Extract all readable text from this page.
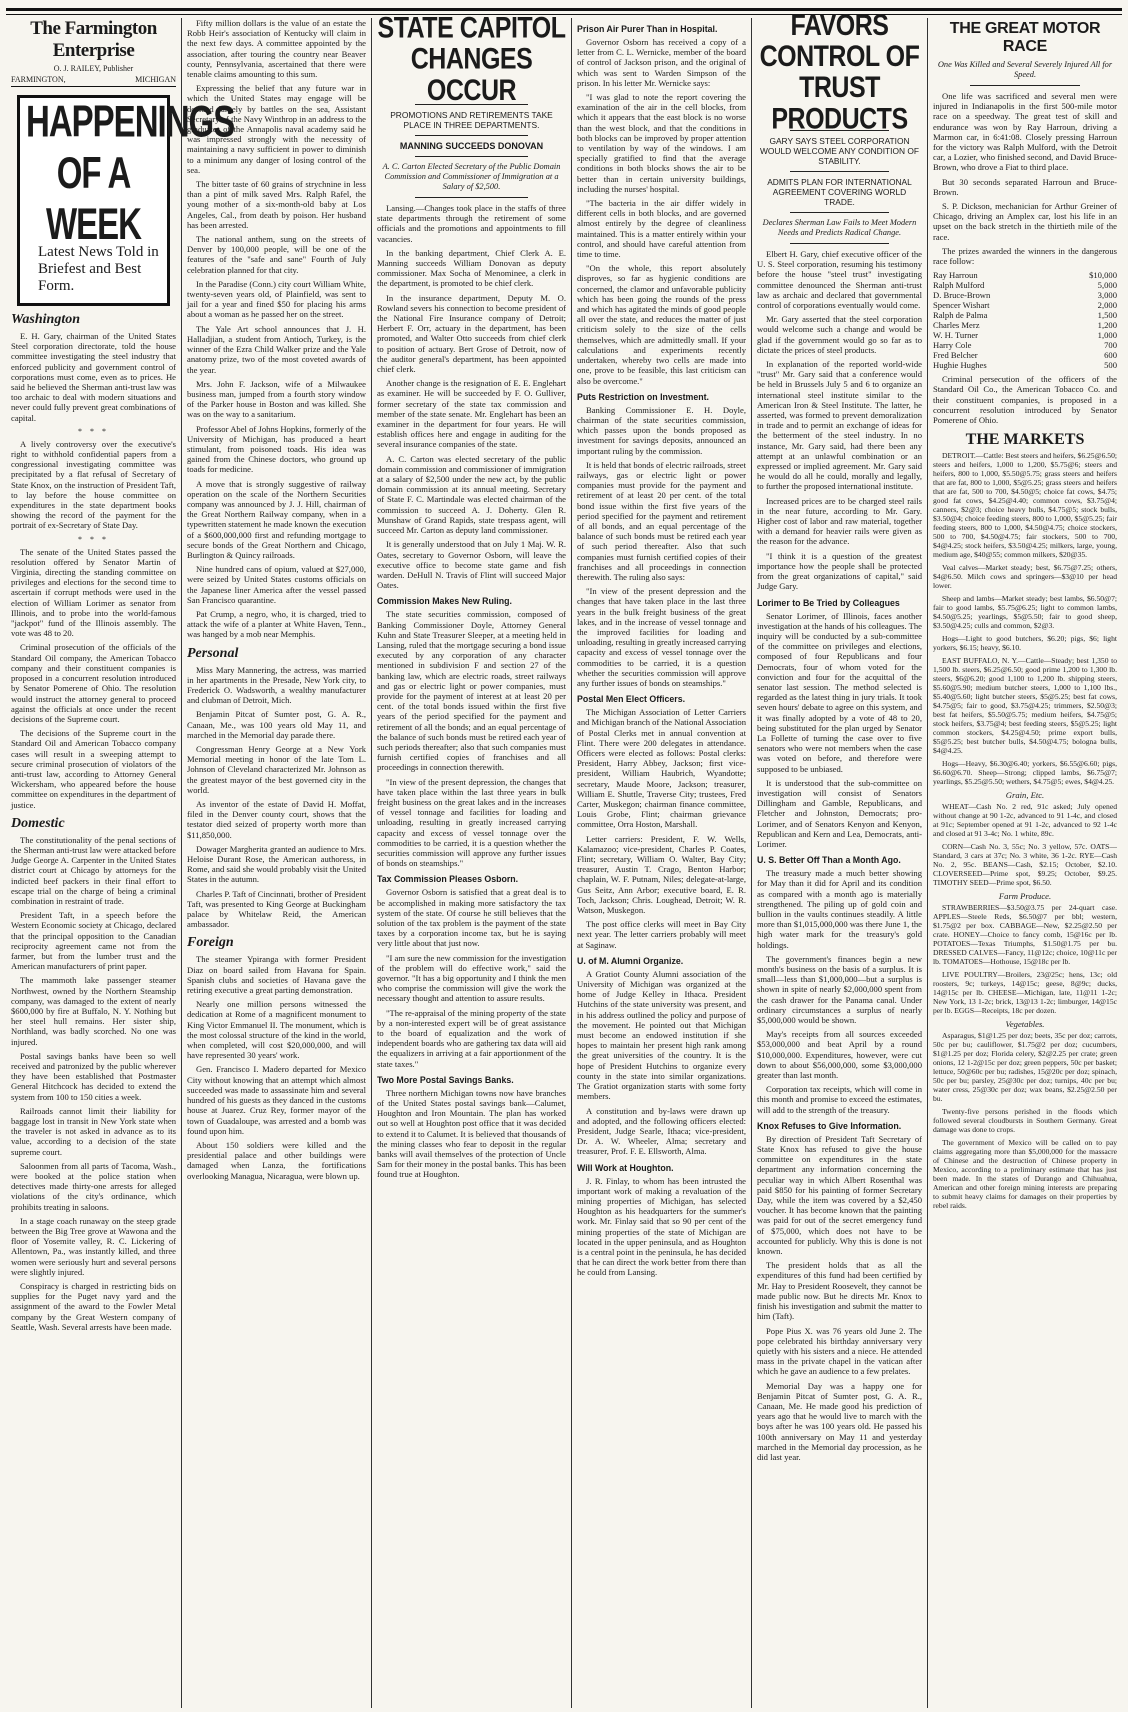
The Farmington Enterprise
O. J. RAILEY, Publisher
FARMINGTON,	MICHIGAN
HAPPENINGS OF A WEEK
Latest News Told in Briefest and Best Form.
Washington

E. H. Gary, chairman of the United States Steel corporation directorate, told the house committee investigating the steel industry that enforced publicity and government control of corporations must come, even as to prices. He said he believed the Sherman anti-trust law was too archaic to deal with modern situations and never could fully prevent great combinations of capital.

* * *

A lively controversy over the executive's right to withhold confidential papers from a congressional investigating committee was precipitated by a flat refusal of Secretary of State Knox, on the instruction of President Taft, to lay before the house committee on expenditures in the state department books showing the record of the payment for the portrait of ex-Secretary of State Day.

* * *

The senate of the United States passed the resolution offered by Senator Martin of Virginia, directing the standing committee on privileges and elections for the second time to ascertain if corrupt methods were used in the election of William Lorimer as senator from Illinois, and to probe into the world-famous "jackpot" fund of the Illinois assembly. The vote was 48 to 20.

Criminal prosecution of the officials of the Standard Oil company, the American Tobacco company and their constituent companies is proposed in a concurrent resolution introduced by Senator Pomerene of Ohio. The resolution would instruct the attorney general to proceed against the officials at once under the recent decisions of the Supreme court.

The decisions of the Supreme court in the Standard Oil and American Tobacco company cases will result in a sweeping attempt to secure criminal prosecution of violators of the anti-trust law, according to Attorney General Wickersham, who appeared before the house committee on expenditures in the department of justice.

Domestic

The constitutionality of the penal sections of the Sherman anti-trust law were attacked before Judge George A. Carpenter in the United States district court at Chicago by attorneys for the indicted beef packers in their final effort to escape trial on the charge of being a criminal combination in restraint of trade.

President Taft, in a speech before the Western Economic society at Chicago, declared that the principal opposition to the Canadian reciprocity agreement came not from the farmer, but from the lumber trust and the American manufacturers of print paper.

The mammoth lake passenger steamer Northwest, owned by the Northern Steamship company, was damaged to the extent of nearly $600,000 by fire at Buffalo, N. Y. Nothing but her steel hull remains. Her sister ship, Northland, was badly scorched. No one was injured.

Postal savings banks have been so well received and patronized by the public wherever they have been established that Postmaster General Hitchcock has decided to extend the system from 100 to 150 cities a week.

Railroads cannot limit their liability for baggage lost in transit in New York state when the traveler is not asked in advance as to its value, according to a decision of the state supreme court.

Saloonmen from all parts of Tacoma, Wash., were booked at the police station when detectives made thirty-one arrests for alleged violations of the city's ordinance, which prohibits treating in saloons.

In a stage coach runaway on the steep grade between the Big Tree grove at Wawona and the floor of Yosemite valley, R. C. Lickering of Allentown, Pa., was instantly killed, and three women were seriously hurt and several persons were slightly injured.

Conspiracy is charged in restricting bids on supplies for the Puget navy yard and the assignment of the award to the Fowler Metal company by the Great Western company of Seattle, Wash. Several arrests have been made.

Fifty million dollars is the value of an estate the Robb Heir's association of Kentucky will claim in the next few days. A committee appointed by the association, after touring the country near Beaver county, Pennsylvania, ascertained that there were tenable claims amounting to this sum.

Expressing the belief that any future war in which the United States may engage will be decided largely by battles on the sea, Assistant Secretary of the Navy Winthrop in an address to the graduates of the Annapolis naval academy said he was impressed strongly with the necessity of maintaining a navy sufficient in power to diminish to a minimum any danger of losing control of the sea.

The bitter taste of 60 grains of strychnine in less than a pint of milk saved Mrs. Ralph Rafel, the young mother of a six-month-old baby at Los Angeles, Cal., from death by poison. Her husband has been arrested.

The national anthem, sung on the streets of Denver by 100,000 people, will be one of the features of the "safe and sane" Fourth of July celebration planned for that city.

In the Paradise (Conn.) city court William White, twenty-seven years old, of Plainfield, was sent to jail for a year and fined $50 for placing his arms about a woman as he passed her on the street.

The Yale Art school announces that J. H. Halladjian, a student from Antioch, Turkey, is the winner of the Ezra Child Walker prize and the Yale anatomy prize, two of the most coveted awards of the year.

Mrs. John F. Jackson, wife of a Milwaukee business man, jumped from a fourth story window of the Parker house in Boston and was killed. She was on the way to a sanitarium.

Professor Abel of Johns Hopkins, formerly of the University of Michigan, has produced a heart stimulant, from poisoned toads. His idea was gained from the Chinese doctors, who ground up toads for medicine.

A move that is strongly suggestive of railway operation on the scale of the Northern Securities company was announced by J. J. Hill, chairman of the Great Northern Railway company, when in a typewritten statement he made known the execution of a $600,000,000 first and refunding mortgage to secure bonds of the Great Northern and Chicago, Burlington & Quincy railroads.

Nine hundred cans of opium, valued at $27,000, were seized by United States customs officials on the Japanese liner America after the vessel passed San Francisco quarantine.

Pat Crump, a negro, who, it is charged, tried to attack the wife of a planter at White Haven, Tenn., was hanged by a mob near Memphis.

Personal

Miss Mary Mannering, the actress, was married in her apartments in the Presade, New York city, to Frederick O. Wadsworth, a wealthy manufacturer and clubman of Detroit, Mich.

Benjamin Pitcat of Sumter post, G. A. R., Canaan, Me., was 100 years old May 11, and marched in the Memorial day parade there.

Congressman Henry George at a New York Memorial meeting in honor of the late Tom L. Johnson of Cleveland characterized Mr. Johnson as the greatest mayor of the best governed city in the world.

As inventor of the estate of David H. Moffat, filed in the Denver county court, shows that the testator died seized of property worth more than $11,850,000.

Dowager Margherita granted an audience to Mrs. Heloise Durant Rose, the American authoress, in Rome, and said she would probably visit the United States in the autumn.

Charles P. Taft of Cincinnati, brother of President Taft, was presented to King George at Buckingham palace by Whitelaw Reid, the American ambassador.

Foreign

The steamer Ypiranga with former President Diaz on board sailed from Havana for Spain. Spanish clubs and societies of Havana gave the retiring executive a great parting demonstration.

Nearly one million persons witnessed the dedication at Rome of a magnificent monument to King Victor Emmanuel II. The monument, which is the most colossal structure of the kind in the world, when completed, will cost $20,000,000, and will have represented 30 years' work.

Gen. Francisco I. Madero departed for Mexico City without knowing that an attempt which almost succeeded was made to assassinate him and several hundred of his guests as they danced in the customs house at Juarez. Cruz Rey, former mayor of the town of Guadaloupe, was arrested and a bomb was found upon him.

About 150 soldiers were killed and the presidential palace and other buildings were damaged when Lanza, the fortifications overlooking Managua, Nicaragua, were blown up.

STATE CAPITOL CHANGES OCCUR
PROMOTIONS AND RETIREMENTS TAKE PLACE IN THREE DEPARTMENTS.
MANNING SUCCEEDS DONOVAN
A. C. Carton Elected Secretary of the Public Domain Commission and Commissioner of Immigration at a Salary of $2,500.

Lansing.—Changes took place in the staffs of three state departments through the retirement of some officials and the promotions and appointments to fill vacancies.

In the banking department, Chief Clerk A. E. Manning succeeds William Donovan as deputy commissioner. Max Socha of Menominee, a clerk in the department, is promoted to be chief clerk.

In the insurance department, Deputy M. O. Rowland severs his connection to become president of the National Fire Insurance company of Detroit; Herbert F. Orr, actuary in the department, has been promoted, and Walter Otto succeeds from chief clerk to position of actuary. Bert Grose of Detroit, now of the auditor general's department, has been appointed chief clerk.

Another change is the resignation of E. E. Englehart as examiner. He will be succeeded by F. O. Gulliver, former secretary of the state tax commission and member of the state senate. Mr. Englehart has been an examiner in the department for four years. He will establish offices here and engage in auditing for the several insurance companies of the state.

A. C. Carton was elected secretary of the public domain commission and commissioner of immigration at a salary of $2,500 under the new act, by the public domain commission at its annual meeting. Secretary of State F. C. Martindale was elected chairman of the commission to succeed A. J. Doherty. Glen R. Munshaw of Grand Rapids, state trespass agent, will succeed Mr. Carton as deputy land commissioner.

It is generally understood that on July 1 Maj. W. R. Oates, secretary to Governor Osborn, will leave the executive office to become state game and fish warden. DeHull N. Travis of Flint will succeed Major Oates.

Commission Makes New Ruling.

The state securities commission, composed of Banking Commissioner Doyle, Attorney General Kuhn and State Treasurer Sleeper, at a meeting held in Lansing, ruled that the mortgage securing a bond issue executed by any corporation of any character mentioned in subdivision F and section 27 of the banking law, which are electric roads, street railways and gas or electric light or power companies, must provide for the payment of interest at at least 20 per cent. of the total bonds issued within the first five years of the period specified for the payment and retirement of all the bonds; and an equal percentage of the balance of such bonds must be retired each year of such periods thereafter; also that such companies must furnish certified copies of franchises and all proceedings in connection therewith.

"In view of the present depression, the changes that have taken place within the last three years in bulk freight business on the great lakes and in the increases of vessel tonnage and facilities for loading and unloading, resulting in greatly increased carrying capacity and excess of vessel tonnage over the commodities to be carried, it is a question whether the securities commission will approve any further issues of bonds on steamships."

Tax Commission Pleases Osborn.

Governor Osborn is satisfied that a great deal is to be accomplished in making more satisfactory the tax system of the state. Of course he still believes that the solution of the tax problem is the payment of the state taxes by a corporation income tax, but he is saying very little about that just now.

"I am sure the new commission for the investigation of the problem will do effective work," said the governor. "It has a big opportunity and I think the men who comprise the commission will give the work the necessary thought and attention to assure results.

"The re-appraisal of the mining property of the state by a non-interested expert will be of great assistance to the board of equalization and the work of independent boards who are gathering tax data will aid the equalizers in arriving at a fair apportionment of the state taxes."

Two More Postal Savings Banks.

Three northern Michigan towns now have branches of the United States postal savings bank—Calumet, Houghton and Iron Mountain. The plan has worked out so well at Houghton post office that it was decided to extend it to Calumet. It is believed that thousands of the mining classes who fear to deposit in the regular banks will avail themselves of the protection of Uncle Sam for their money in the postal banks. This has been found true at Houghton.

Prison Air Purer Than in Hospital.

Governor Osborn has received a copy of a letter from C. L. Wernicke, member of the board of control of Jackson prison, and the original of which was sent to Warden Simpson of the prison. In his letter Mr. Wernicke says:

"I was glad to note the report covering the examination of the air in the cell blocks, from which it appears that the east block is no worse than the west block, and that the conditions in both blocks can be improved by proper attention to ventilation by way of the windows. I am specially gratified to find that the average conditions in both blocks shows the air to be better than in certain university buildings, including the nurses' hospital.

"The bacteria in the air differ widely in different cells in both blocks, and are governed almost entirely by the degree of cleanliness maintained. This is a matter entirely within your control, and should have careful attention from time to time.

"On the whole, this report absolutely disproves, so far as hygienic conditions are concerned, the clamor and unfavorable publicity which has been going the rounds of the press and which has agitated the minds of good people all over the state, and reduces the matter of just criticism solely to the size of the cells themselves, which are admittedly small. If your calculations and experiments recently undertaken, whereby two cells are made into one, prove to be feasible, this last criticism can also be overcome."

Puts Restriction on Investment.

Banking Commissioner E. H. Doyle, chairman of the state securities commission, which passes upon the bonds proposed as investment for savings deposits, announced an important ruling by the commission.

It is held that bonds of electric railroads, street railways, gas or electric light or power companies must provide for the payment and retirement of at least 20 per cent. of the total bond issue within the first five years of the period specified for the payment and retirement of all bonds, and an equal percentage of the balance of such bonds must be retired each year of such period thereafter. Also that such companies must furnish certified copies of their franchises and all proceedings in connection therewith. The ruling also says:

"In view of the present depression and the changes that have taken place in the last three years in the bulk freight business of the great lakes, and in the increase of vessel tonnage and the improved facilities for loading and unloading, resulting in greatly increased carrying capacity and excess of vessel tonnage over the commodities to be carried, it is a question whether the securities commission will approve any further issues of bonds on steamships."

Postal Men Elect Officers.

The Michigan Association of Letter Carriers and Michigan branch of the National Association of Postal Clerks met in annual convention at Flint. There were 200 delegates in attendance. Officers were elected as follows: Postal clerks: President, Harry Abbey, Jackson; first vice-president, William Haubrich, Wyandotte; secretary, Maude Moore, Jackson; treasurer, William E. Shuttle, Traverse City; trustees, Fred Carter, Muskegon; chairman finance committee, Louis Grobe, Flint; chairman grievance committee, Orra Hoston, Marshall.

Letter carriers: President, F. W. Wells, Kalamazoo; vice-president, Charles P. Coates, Flint; secretary, William O. Walter, Bay City; treasurer, Austin T. Crago, Benton Harbor; chaplain, W. F. Putnam, Niles; delegate-at-large, Gus Seitz, Ann Arbor; executive board, E. R. Toch, Jackson; Chris. Loughead, Detroit; W. R. Watson, Muskegon.

The post office clerks will meet in Bay City next year. The letter carriers probably will meet at Saginaw.

U. of M. Alumni Organize.

A Gratiot County Alumni association of the University of Michigan was organized at the home of Judge Kelley in Ithaca. President Hutchins of the state university was present, and in his address outlined the policy and purpose of the movement. He pointed out that Michigan must become an endowed institution if she hopes to maintain her present high rank among the great universities of the country. It is the hope of President Hutchins to organize every county in the state into similar organizations. The Gratiot organization starts with some forty members.

A constitution and by-laws were drawn up and adopted, and the following officers elected: President, Judge Searle, Ithaca; vice-president, Dr. A. W. Wheeler, Alma; secretary and treasurer, Prof. F. E. Ellsworth, Alma.

Will Work at Houghton.

J. R. Finlay, to whom has been intrusted the important work of making a revaluation of the mining properties of Michigan, has selected Houghton as his headquarters for the summer's work. Mr. Finlay said that so 90 per cent of the mining properties of the state of Michigan are located in the upper peninsula, and as Houghton is a central point in the peninsula, he has decided that he can direct the work better from there than he could from Lansing.

FAVORS CONTROL OF TRUST PRODUCTS
GARY SAYS STEEL CORPORATION WOULD WELCOME ANY CONDITION OF STABILITY.
ADMITS PLAN FOR INTERNATIONAL AGREEMENT COVERING WORLD TRADE.
Declares Sherman Law Fails to Meet Modern Needs and Predicts Radical Change.

Elbert H. Gary, chief executive officer of the U. S. Steel corporation, resuming his testimony before the house "steel trust" investigating committee denounced the Sherman anti-trust law as archaic and declared that governmental control of corporations eventually would come.

Mr. Gary asserted that the steel corporation would welcome such a change and would be glad if the government would go so far as to dictate the prices of steel products.

In explanation of the reported world-wide "trust" Mr. Gary said that a conference would be held in Brussels July 5 and 6 to organize an international steel institute similar to the American Iron & Steel Institute. The latter, he asserted, was formed to prevent demoralization in trade and to permit an exchange of ideas for the betterment of the steel industry. In no instance, Mr. Gary said, had there been any attempt at an unlawful combination or an expressed or implied agreement. Mr. Gary said he would do all he could, morally and legally, to further the proposed international institute.

Increased prices are to be charged steel rails in the near future, according to Mr. Gary. Higher cost of labor and raw material, together with a demand for heavier rails were given as the reason for the advance.

"I think it is a question of the greatest importance how the people shall be protected from the great organizations of capital," said Judge Gary.

Lorimer to Be Tried by Colleagues

Senator Lorimer, of Illinois, faces another investigation at the hands of his colleagues. The inquiry will be conducted by a sub-committee of the committee on privileges and elections, composed of four Republicans and four Democrats, four of whom voted for the conviction and four for the acquittal of the senator last session. The method selected is regarded as the latest thing in jury trials. It took seven hours' debate to agree on this system, and it was finally adopted by a vote of 48 to 20, being substituted for the plan urged by Senator La Follette of turning the case over to five senators who were not members when the case was voted on before, and therefore were supposed to be unbiased.

It is understood that the sub-committee on investigation will consist of Senators Dillingham and Gamble, Republicans, and Fletcher and Johnston, Democrats; pro-Lorimer, and of Senators Kenyon and Kenyon, Republican and Kern and Lea, Democrats, anti-Lorimer.

U. S. Better Off Than a Month Ago.

The treasury made a much better showing for May than it did for April and its condition as compared with a month ago is materially strengthened. The piling up of gold coin and bullion in the vaults continues steadily. A little more than $1,015,000,000 was there June 1, the high water mark for the treasury's gold holdings.

The government's finances begin a new month's business on the basis of a surplus. It is small—less than $1,000,000—but a surplus is shown in spite of nearly $2,000,000 spent from the cash drawer for the Panama canal. Under ordinary circumstances a surplus of nearly $5,000,000 would be shown.

May's receipts from all sources exceeded $53,000,000 and beat April by a round $10,000,000. Expenditures, however, were cut down to about $56,000,000, some $3,000,000 greater than last month.

Corporation tax receipts, which will come in this month and promise to exceed the estimates, will add to the strength of the treasury.

Knox Refuses to Give Information.

By direction of President Taft Secretary of State Knox has refused to give the house committee on expenditures in the state department any information concerning the peculiar way in which Albert Rosenthal was paid $850 for his painting of former Secretary Day, while the item was covered by a $2,450 voucher. It has become known that the painting was paid for out of the secret emergency fund of $75,000, which does not have to be accounted for publicly. Why this is done is not known.

The president holds that as all the expenditures of this fund had been certified by Mr. Hay to President Roosevelt, they cannot be made public now. But he directs Mr. Knox to finish his investigation and submit the matter to him (Taft).

Pope Pius X. was 76 years old June 2. The pope celebrated his birthday anniversary very quietly with his sisters and a niece. He attended mass in the private chapel in the vatican after which he gave an audience to a few prelates.

Memorial Day was a happy one for Benjamin Pitcat of Sumter post, G. A. R., Canaan, Me. He made good his prediction of years ago that he would live to march with the boys after he was 100 years old. He passed his 100th anniversary on May 11 and yesterday marched in the Memorial day procession, as he did last year.

THE GREAT MOTOR RACE
One Was Killed and Several Severely Injured All for Speed.

One life was sacrificed and several men were injured in Indianapolis in the first 500-mile motor race on a speedway. The great test of skill and endurance was won by Ray Harroun, driving a Marmon car, in 6:41:08. Closely pressing Harroun for the victory was Ralph Mulford, with the Detroit car, a Lozier, who finished second, and David Bruce-Brown, who drove a Fiat to third place.

But 30 seconds separated Harroun and Bruce-Brown.

S. P. Dickson, mechanician for Arthur Greiner of Chicago, driving an Amplex car, lost his life in an upset on the back stretch in the thirtieth mile of the race.

The prizes awarded the winners in the dangerous race follow:

Ray Harroun	$10,000
Ralph Mulford	5,000
D. Bruce-Brown	3,000
Spencer Wishart	2,000
Ralph de Palma	1,500
Charles Merz	1,200
W. H. Turner	1,000
Harry Cole	700
Fred Belcher	600
Hughie Hughes	500

Criminal persecution of the officers of the Standard Oil Co., the American Tobacco Co. and their constituent companies, is proposed in a concurrent resolution introduced by Senator Pomerene of Ohio.

THE MARKETS

DETROIT.—Cattle: Best steers and heifers, $6.25@6.50; steers and heifers, 1,000 to 1,200, $5.75@6; steers and heifers, 800 to 1,000, $5.50@5.75; grass steers and heifers that are fat, 800 to 1,000, $5@5.25; grass steers and heifers that are fat, 500 to 700, $4.50@5; choice fat cows, $4.75; good fat cows, $4.25@4.40; common cows, $3.75@4; canners, $2@3; choice heavy bulls, $4.75@5; stock bulls, $3.50@4; choice feeding steers, 800 to 1,000, $5@5.25; fair feeding steers, 800 to 1,000, $4.50@4.75; choice stockers, 500 to 700, $4.50@4.75; fair stockers, 500 to 700, $4@4.25; stock heifers, $3.50@4.25; milkers, large, young, medium age, $40@55; common milkers, $20@35.

Veal calves—Market steady; best, $6.75@7.25; others, $4@6.50. Milch cows and springers—$3@10 per head lower.

Sheep and lambs—Market steady; best lambs, $6.50@7; fair to good lambs, $5.75@6.25; light to common lambs, $4.50@5.25; yearlings, $5@5.50; fair to good sheep, $3.50@4.25; culls and common, $2@3.

Hogs—Light to good butchers, $6.20; pigs, $6; light yorkers, $6.15; heavy, $6.10.

EAST BUFFALO, N. Y.—Cattle—Steady; best 1,350 to 1,500 lb. steers, $6.25@6.50; good prime 1,200 to 1,300 lb. steers, $6@6.20; good 1,100 to 1,200 lb. shipping steers, $5.60@5.90; medium butcher steers, 1,000 to 1,100 lbs., $5.40@5.60; light butcher steers, $5@5.25; best fat cows, $4.75@5; fair to good, $3.75@4.25; trimmers, $2.50@3; best fat heifers, $5.50@5.75; medium heifers, $4.75@5; stock heifers, $3.75@4; best feeding steers, $5@5.25; light common stockers, $4.25@4.50; prime export bulls, $5@5.25; best butcher bulls, $4.50@4.75; bologna bulls, $4@4.25.

Hogs—Heavy, $6.30@6.40; yorkers, $6.55@6.60; pigs, $6.60@6.70. Sheep—Strong; clipped lambs, $6.75@7; yearlings, $5.25@5.50; wethers, $4.75@5; ewes, $4@4.25.

Grain, Etc.

WHEAT—Cash No. 2 red, 91c asked; July opened without change at 90 1-2c, advanced to 91 1-4c, and closed at 91c; September opened at 91 1-2c, advanced to 92 1-4c and closed at 91 3-4c; No. 1 white, 89c.

CORN—Cash No. 3, 55c; No. 3 yellow, 57c. OATS—Standard, 3 cars at 37c; No. 3 white, 36 1-2c. RYE—Cash No. 2, 95c. BEANS—Cash, $2.15; October, $2.10. CLOVERSEED—Prime spot, $9.25; October, $9.25. TIMOTHY SEED—Prime spot, $6.50.

Farm Produce.

STRAWBERRIES—$3.50@3.75 per 24-quart case. APPLES—Steele Reds, $6.50@7 per bbl; western, $1.75@2 per box. CABBAGE—New, $2.25@2.50 per crate. HONEY—Choice to fancy comb, 15@16c per lb. POTATOES—Texas Triumphs, $1.50@1.75 per bu. DRESSED CALVES—Fancy, 11@12c; choice, 10@11c per lb. TOMATOES—Hothouse, 15@18c per lb.

LIVE POULTRY—Broilers, 23@25c; hens, 13c; old roosters, 9c; turkeys, 14@15c; geese, 8@9c; ducks, 14@15c per lb. CHEESE—Michigan, late, 11@11 1-2c; New York, 13 1-2c; brick, 13@13 1-2c; limburger, 14@15c per lb. EGGS—Receipts, 18c per dozen.

Vegetables.

Asparagus, $1@1.25 per doz; beets, 35c per doz; carrots, 50c per bu; cauliflower, $1.75@2 per doz; cucumbers, $1@1.25 per doz; Florida celery, $2@2.25 per crate; green onions, 12 1-2@15c per doz; green peppers, 50c per basket; lettuce, 50@60c per bu; radishes, 15@20c per doz; spinach, 50c per bu; parsley, 25@30c per doz; turnips, 40c per bu; water cress, 25@30c per doz; wax beans, $2.25@2.50 per bu.

Twenty-five persons perished in the floods which followed several cloudbursts in Southern Germany. Great damage was done to crops.

The government of Mexico will be called on to pay claims aggregating more than $5,000,000 for the massacre of Chinese and the destruction of Chinese property in Mexico, according to a preliminary estimate that has just been made. In the states of Durango and Chihuahua, American and other foreign mining interests are preparing to submit heavy claims for damages on their properties by rebel raids.
